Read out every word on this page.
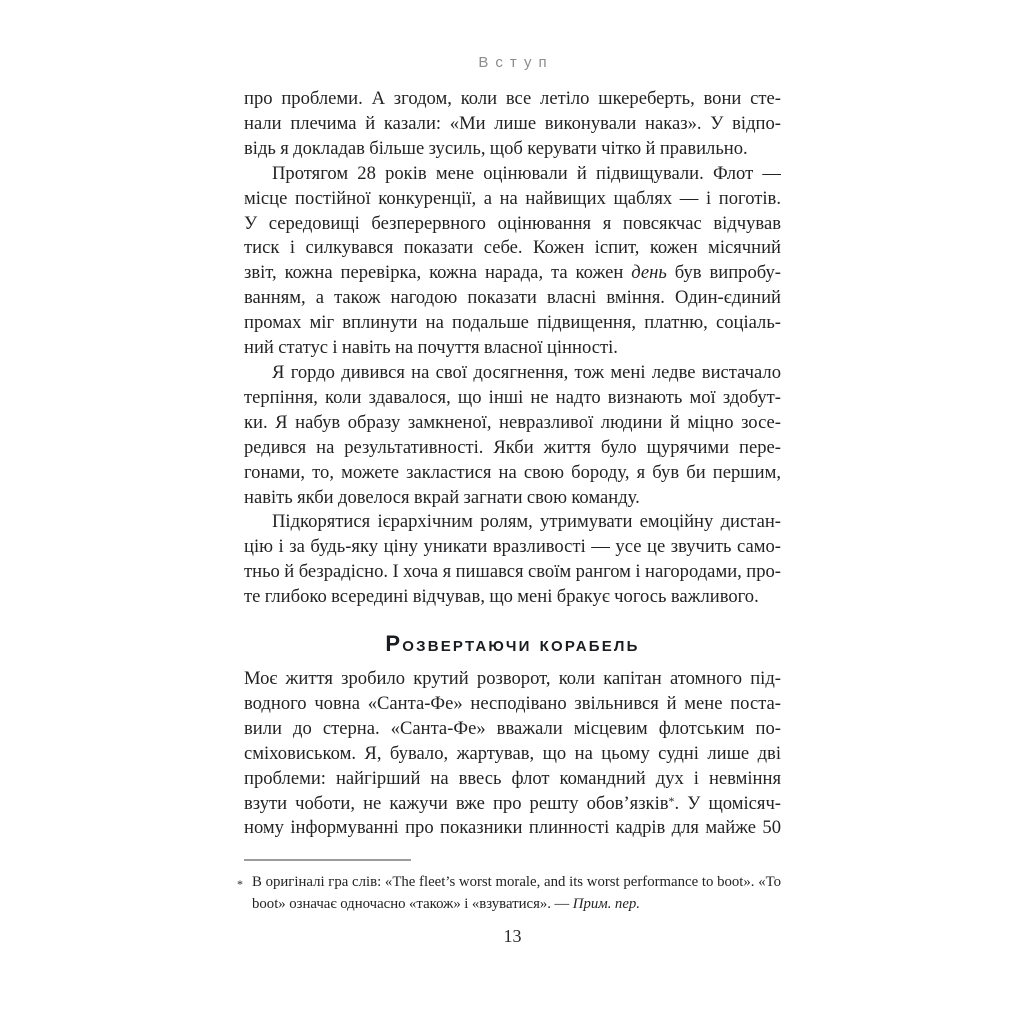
Вступ
про проблеми. А згодом, коли все летіло шкереберть, вони сте-
нали плечима й казали: «Ми лише виконували наказ». У відпо-
відь я докладав більше зусиль, щоб керувати чітко й правильно.
Протягом 28 років мене оцінювали й підвищували. Флот —
місце постійної конкуренції, а на найвищих щаблях — і поготів.
У середовищі безперервного оцінювання я повсякчас відчував
тиск і силкувався показати себе. Кожен іспит, кожен місячний
звіт, кожна перевірка, кожна нарада, та кожен день був випробу-
ванням, а також нагодою показати власні вміння. Один-єдиний
промах міг вплинути на подальше підвищення, платню, соціаль-
ний статус і навіть на почуття власної цінності.
Я гордо дивився на свої досягнення, тож мені ледве вистачало
терпіння, коли здавалося, що інші не надто визнають мої здобут-
ки. Я набув образу замкненої, невразливої людини й міцно зосе-
редився на результативності. Якби життя було щурячими пере-
гонами, то, можете закластися на свою бороду, я був би першим,
навіть якби довелося вкрай загнати свою команду.
Підкорятися ієрархічним ролям, утримувати емоційну дистан-
цію і за будь-яку ціну уникати вразливості — усе це звучить само-
тньо й безрадісно. І хоча я пишався своїм рангом і нагородами, про-
те глибоко всередині відчував, що мені бракує чогось важливого.
Розвертаючи корабель
Моє життя зробило крутий розворот, коли капітан атомного під-
водного човна «Санта-Фе» несподівано звільнився й мене поста-
вили до стерна. «Санта-Фе» вважали місцевим флотським по-
сміховиськом. Я, бувало, жартував, що на цьому судні лише дві
проблеми: найгірший на ввесь флот командний дух і невміння
взути чоботи, не кажучи вже про решту обов’язків*. У щомісяч-
ному інформуванні про показники плинності кадрів для майже 50
* В оригіналі гра слів: «The fleet’s worst morale, and its worst performance to boot». «To
boot» означає одночасно «також» і «взуватися». — Прим. пер.
13
